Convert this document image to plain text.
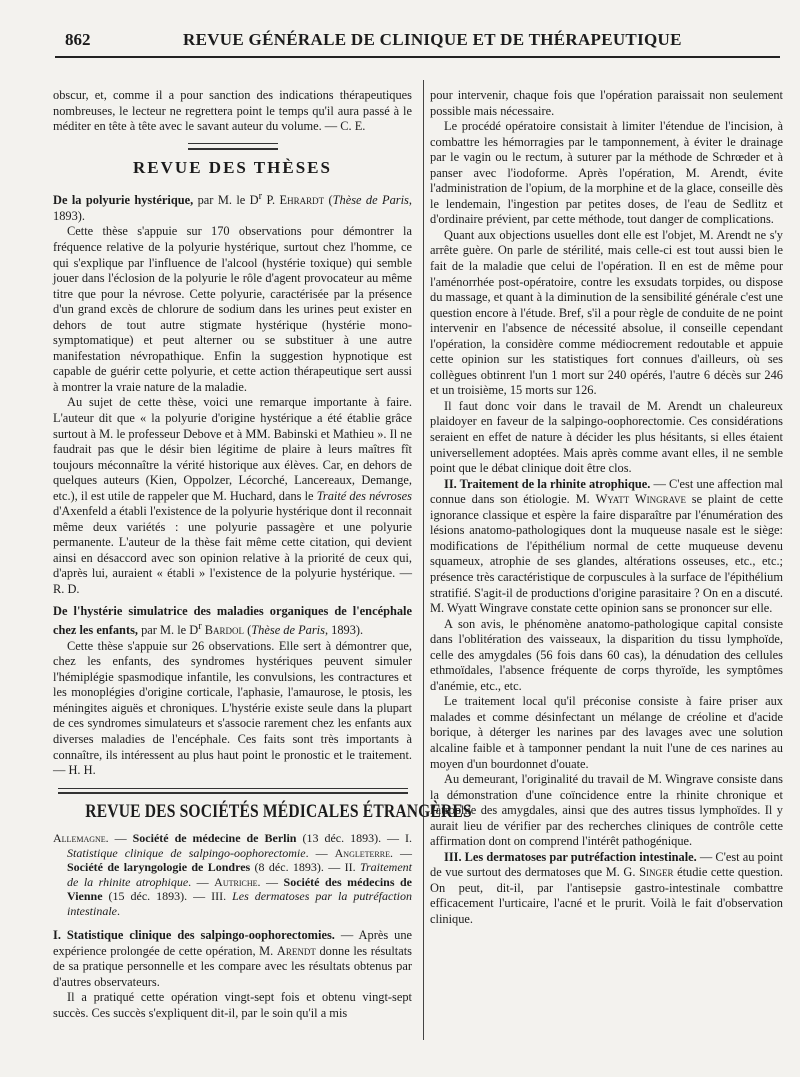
862	REVUE GÉNÉRALE DE CLINIQUE ET DE THÉRAPEUTIQUE

obscur, et, comme il a pour sanction des indications thérapeutiques nombreuses, le lecteur ne regrettera point le temps qu'il aura passé à le méditer en tête à tête avec le savant auteur du volume. — C. E.

REVUE DES THÈSES

De la polyurie hystérique, par M. le $D^r$ P. Ehrardt (Thèse de Paris, 1893).

Cette thèse s'appuie sur 170 observations pour démontrer la fréquence relative de la polyurie hystérique, surtout chez l'homme, ce qui s'explique par l'influence de l'alcool (hystérie toxique) qui semble jouer dans l'éclosion de la polyurie le rôle d'agent provocateur au même titre que pour la névrose. Cette polyurie, caractérisée par la présence d'un grand excès de chlorure de sodium dans les urines peut exister en dehors de tout autre stigmate hystérique (hystérie mono-symptomatique) et peut alterner ou se substituer à une autre manifestation névropathique. Enfin la suggestion hypnotique est capable de guérir cette polyurie, et cette action thérapeutique sert aussi à montrer la vraie nature de la maladie.

Au sujet de cette thèse, voici une remarque importante à faire. L'auteur dit que « la polyurie d'origine hystérique a été établie grâce surtout à M. le professeur Debove et à MM. Babinski et Mathieu ». Il ne faudrait pas que le désir bien légitime de plaire à leurs maîtres fît toujours méconnaître la vérité historique aux élèves. Car, en dehors de quelques auteurs (Kien, Oppolzer, Lécorché, Lancereaux, Demange, etc.), il est utile de rappeler que M. Huchard, dans le Traité des névroses d'Axenfeld a établi l'existence de la polyurie hystérique dont il reconnait même deux variétés : une polyurie passagère et une polyurie permanente. L'auteur de la thèse fait même cette citation, qui devient ainsi en désaccord avec son opinion relative à la priorité de ceux qui, d'après lui, auraient « établi » l'existence de la polyurie hystérique. — R. D.

De l'hystérie simulatrice des maladies organiques de l'encéphale chez les enfants, par M. le $D^r$ Bardol (Thèse de Paris, 1893).

Cette thèse s'appuie sur 26 observations. Elle sert à démontrer que, chez les enfants, des syndromes hystériques peuvent simuler l'hémiplégie spasmodique infantile, les convulsions, les contractures et les monoplégies d'origine corticale, l'aphasie, l'amaurose, le ptosis, les méningites aiguës et chroniques. L'hystérie existe seule dans la plupart de ces syndromes simulateurs et s'associe rarement chez les enfants aux diverses maladies de l'encéphale. Ces faits sont très importants à connaître, ils intéressent au plus haut point le pronostic et le traitement. — H. H.

REVUE DES SOCIÉTÉS MÉDICALES ÉTRANGÈRES

Allemagne. — Société de médecine de Berlin (13 déc. 1893). — I. Statistique clinique de salpingo-oophorectomie. — Angleterre. — Société de laryngologie de Londres (8 déc. 1893). — II. Traitement de la rhinite atrophique. — Autriche. — Société des médecins de Vienne (15 déc. 1893). — III. Les dermatoses par la putréfaction intestinale.

I. Statistique clinique des salpingo-oophorectomies. — Après une expérience prolongée de cette opération, M. Arendt donne les résultats de sa pratique personnelle et les compare avec les résultats obtenus par d'autres observateurs.

Il a pratiqué cette opération vingt-sept fois et obtenu vingt-sept succès. Ces succès s'expliquent dit-il, par le soin qu'il a mis

pour intervenir, chaque fois que l'opération paraissait non seulement possible mais nécessaire.

Le procédé opératoire consistait à limiter l'étendue de l'incision, à combattre les hémorragies par le tamponnement, à éviter le drainage par le vagin ou le rectum, à suturer par la méthode de Schrœder et à panser avec l'iodoforme. Après l'opération, M. Arendt, évite l'administration de l'opium, de la morphine et de la glace, conseille dès le lendemain, l'ingestion par petites doses, de l'eau de Sedlitz et d'ordinaire prévient, par cette méthode, tout danger de complications.

Quant aux objections usuelles dont elle est l'objet, M. Arendt ne s'y arrête guère. On parle de stérilité, mais celle-ci est tout aussi bien le fait de la maladie que celui de l'opération. Il en est de même pour l'aménorrhée post-opératoire, contre les exsudats torpides, ou dispose du massage, et quant à la diminution de la sensibilité générale c'est une question encore à l'étude. Bref, s'il a pour règle de conduite de ne point intervenir en l'absence de nécessité absolue, il conseille cependant l'opération, la considère comme médiocrement redoutable et appuie cette opinion sur les statistiques fort connues d'ailleurs, où ses collègues obtinrent l'un 1 mort sur 240 opérés, l'autre 6 décès sur 246 et un troisième, 15 morts sur 126.

Il faut donc voir dans le travail de M. Arendt un chaleureux plaidoyer en faveur de la salpingo-oophorectomie. Ces considérations seraient en effet de nature à décider les plus hésitants, si elles étaient universellement adoptées. Mais après comme avant elles, il ne semble point que le débat clinique doit être clos.

II. Traitement de la rhinite atrophique. — C'est une affection mal connue dans son étiologie. M. Wyatt Wingrave se plaint de cette ignorance classique et espère la faire disparaître par l'énumération des lésions anatomo-pathologiques dont la muqueuse nasale est le siège: modifications de l'épithélium normal de cette muqueuse devenu squameux, atrophie de ses glandes, altérations osseuses, etc., etc.; présence très caractéristique de corpuscules à la surface de l'épithélium stratifié. S'agit-il de productions d'origine parasitaire ? On en a discuté. M. Wyatt Wingrave constate cette opinion sans se prononcer sur elle.

A son avis, le phénomène anatomo-pathologique capital consiste dans l'oblitération des vaisseaux, la disparition du tissu lymphoïde, celle des amygdales (56 fois dans 60 cas), la dénudation des cellules ethmoïdales, l'absence fréquente de corps thyroïde, les symptômes d'anémie, etc., etc.

Le traitement local qu'il préconise consiste à faire priser aux malades et comme désinfectant un mélange de créoline et d'acide borique, à déterger les narines par des lavages avec une solution alcaline faible et à tamponner pendant la nuit l'une de ces narines au moyen d'un bourdonnet d'ouate.

Au demeurant, l'originalité du travail de M. Wingrave consiste dans la démonstration d'une coïncidence entre la rhinite chronique et l'atrophie des amygdales, ainsi que des autres tissus lymphoïdes. Il y aurait lieu de vérifier par des recherches cliniques de contrôle cette affirmation dont on comprend l'intérêt pathogénique.

III. Les dermatoses par putréfaction intestinale. — C'est au point de vue surtout des dermatoses que M. G. Singer étudie cette question. On peut, dit-il, par l'antisepsie gastro-intestinale combattre efficacement l'urticaire, l'acné et le prurit. Voilà le fait d'observation clinique.
